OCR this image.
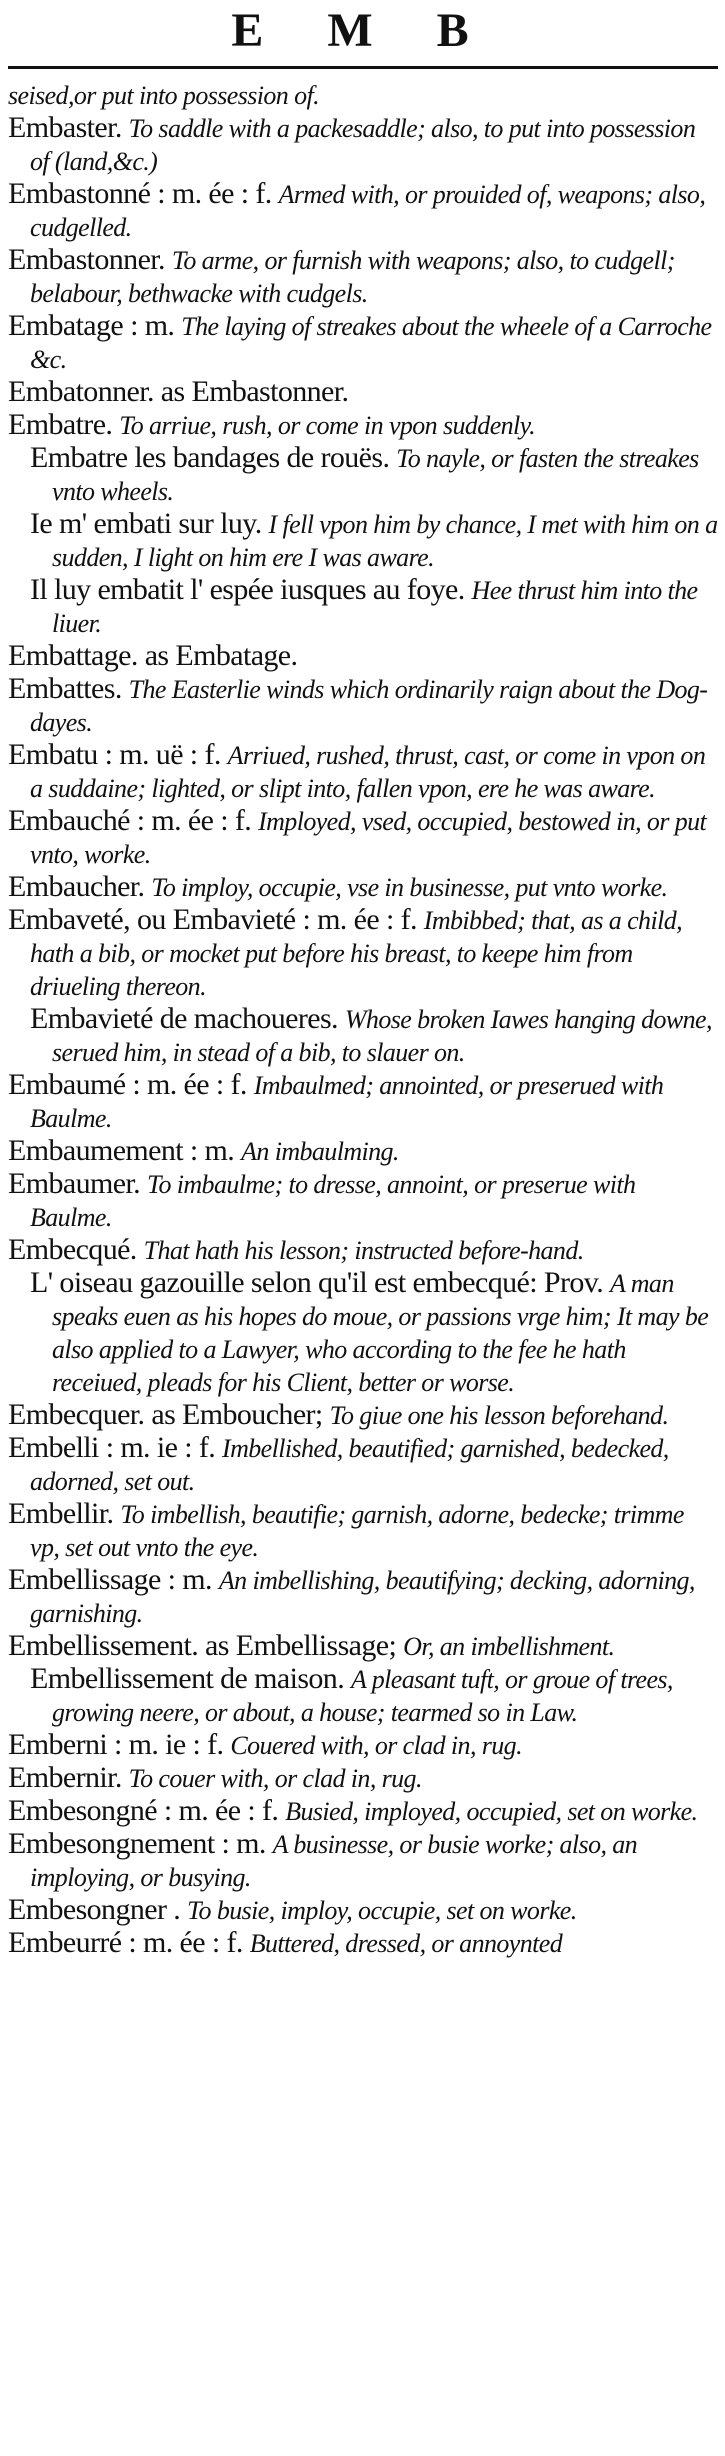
E M B
seised,or put into possession of.
Embaster. To saddle with a packesaddle; also, to put into possession of (land,&c.)
Embastonné : m. ée : f. Armed with, or prouided of, weapons; also, cudgelled.
Embastonner. To arme, or furnish with weapons; also, to cudgell; belabour, bethwacke with cudgels.
Embatage : m. The laying of streakes about the wheele of a Carroche &c.
Embatonner. as Embastonner.
Embatre. To arriue, rush, or come in vpon suddenly.
Embatre les bandages de rouës. To nayle, or fasten the streakes vnto wheels.
Ie m' embati sur luy. I fell vpon him by chance, I met with him on a sudden, I light on him ere I was aware.
Il luy embatit l' espée iusques au foye. Hee thrust him into the liuer.
Embattage. as Embatage.
Embattes. The Easterlie winds which ordinarily raign about the Dog-dayes.
Embatu : m. uë : f. Arriued, rushed, thrust, cast, or come in vpon on a suddaine; lighted, or slipt into, fallen vpon, ere he was aware.
Embauché : m. ée : f. Imployed, vsed, occupied, bestowed in, or put vnto, worke.
Embaucher. To imploy, occupie, vse in businesse, put vnto worke.
Embaveté, ou Embavieté : m. ée : f. Imbibbed; that, as a child, hath a bib, or mocket put before his breast, to keepe him from driueling thereon.
Embavieté de machoueres. Whose broken Iawes hanging downe, serued him, in stead of a bib, to slauer on.
Embaumé : m. ée : f. Imbaulmed; annointed, or preserued with Baulme.
Embaumement : m. An imbaulming.
Embaumer. To imbaulme; to dresse, annoint, or preserue with Baulme.
Embecqué. That hath his lesson; instructed before-hand.
L' oiseau gazouille selon qu'il est embecqué: Prov. A man speaks euen as his hopes do moue, or passions vrge him; It may be also applied to a Lawyer, who according to the fee he hath receiued, pleads for his Client, better or worse.
Embecquer. as Emboucher; To giue one his lesson beforehand.
Embelli : m. ie : f. Imbellished, beautified; garnished, bedecked, adorned, set out.
Embellir. To imbellish, beautifie; garnish, adorne, bedecke; trimme vp, set out vnto the eye.
Embellissage : m. An imbellishing, beautifying; decking, adorning, garnishing.
Embellissement. as Embellissage; Or, an imbellishment.
Embellissement de maison. A pleasant tuft, or groue of trees, growing neere, or about, a house; tearmed so in Law.
Emberni : m. ie : f. Couered with, or clad in, rug.
Embernir. To couer with, or clad in, rug.
Embesongné : m. ée : f. Busied, imployed, occupied, set on worke.
Embesongnement : m. A businesse, or busie worke; also, an imploying, or busying.
Embesongner . To busie, imploy, occupie, set on worke.
Embeurré : m. ée : f. Buttered, dressed, or annoynted
